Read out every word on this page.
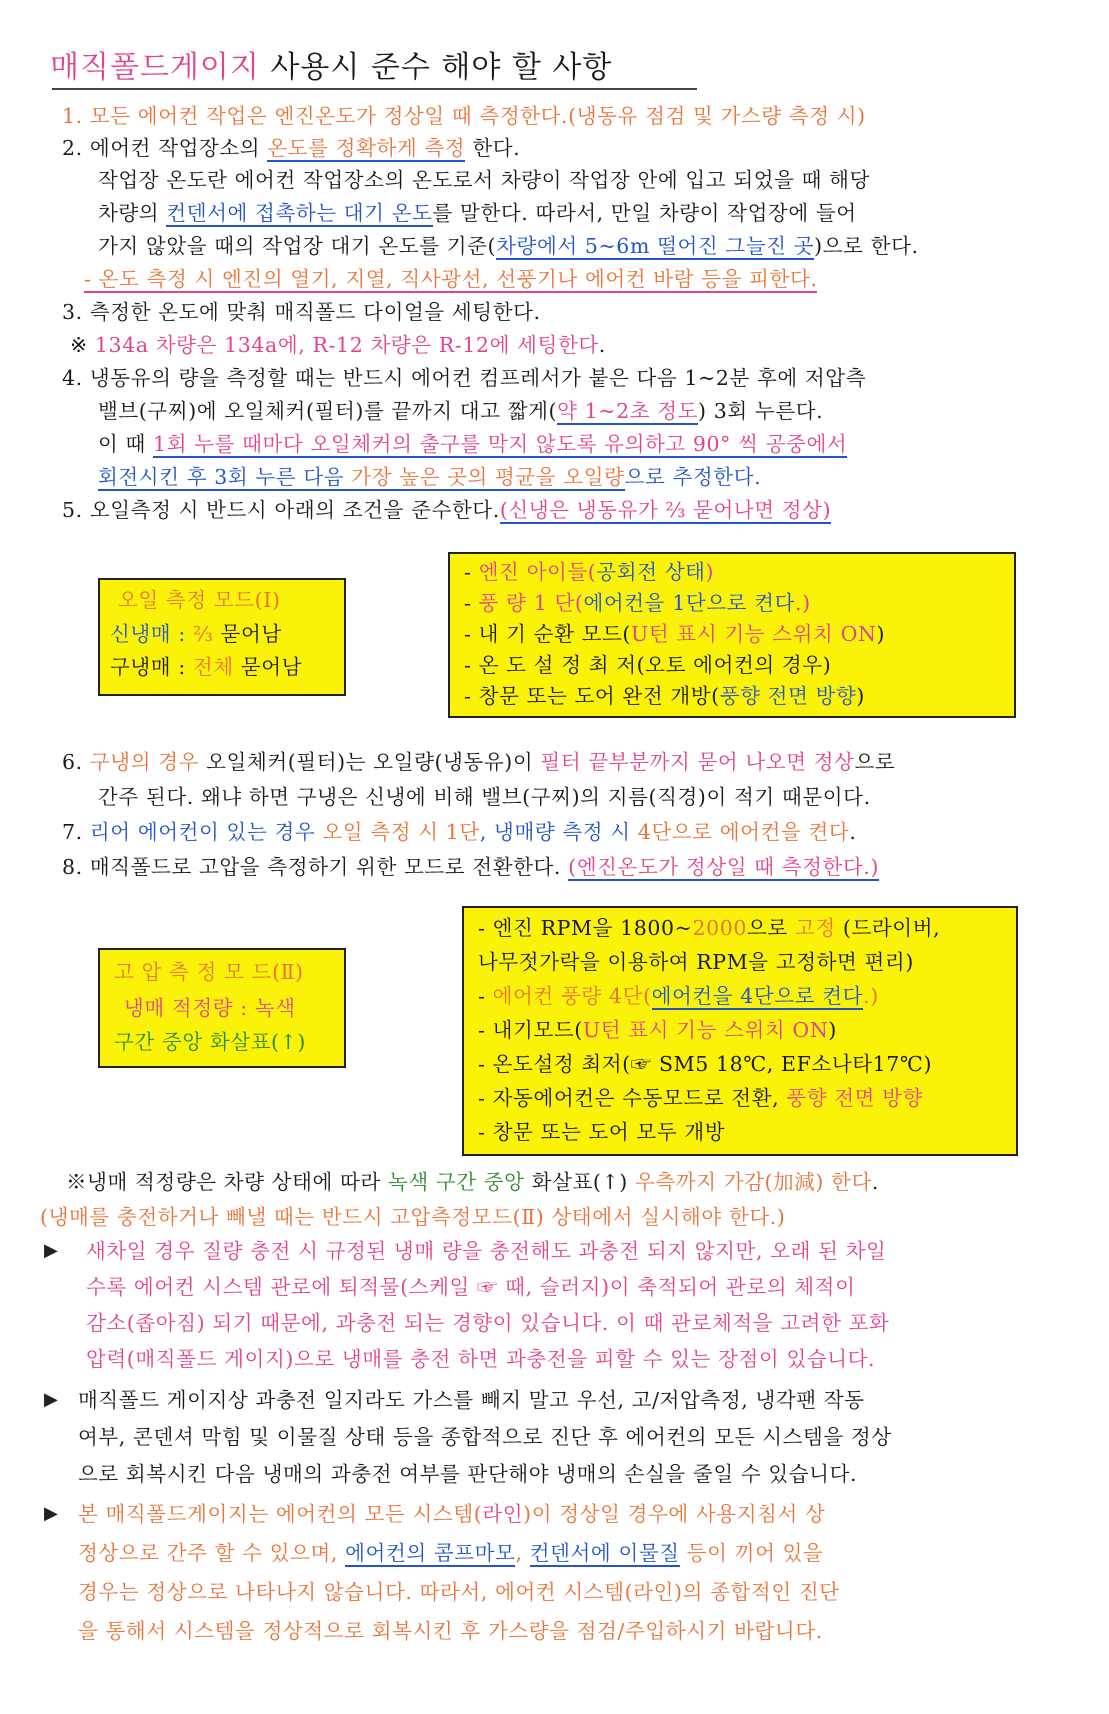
매직폴드게이지 사용시 준수 해야 할 사항
1. 모든 에어컨 작업은 엔진온도가 정상일 때 측정한다.(냉동유 점검 및 가스량 측정 시)
2. 에어컨 작업장소의 온도를 정확하게 측정 한다.
작업장 온도란 에어컨 작업장소의 온도로서 차량이 작업장 안에 입고 되었을 때 해당
차량의 컨덴서에 접촉하는 대기 온도를 말한다. 따라서, 만일 차량이 작업장에 들어
가지 않았을 때의 작업장 대기 온도를 기준(차량에서 5~6m 떨어진 그늘진 곳)으로 한다.
- 온도 측정 시 엔진의 열기, 지열, 직사광선, 선풍기나 에어컨 바람 등을 피한다.
3. 측정한 온도에 맞춰 매직폴드 다이얼을 세팅한다.
※ 134a 차량은 134a에, R-12 차량은 R-12에 세팅한다.
4. 냉동유의 량을 측정할 때는 반드시 에어컨 컴프레서가 붙은 다음 1~2분 후에 저압측
밸브(구찌)에 오일체커(필터)를 끝까지 대고 짧게(약 1~2초 정도) 3회 누른다.
이 때 1회 누를 때마다 오일체커의 출구를 막지 않도록 유의하고 90° 씩 공중에서
회전시킨 후 3회 누른 다음 가장 높은 곳의 평균을 오일량으로 추정한다.
5. 오일측정 시 반드시 아래의 조건을 준수한다.(신냉은 냉동유가 ⅔ 묻어나면 정상)
오일 측정 모드(Ⅰ)
신냉매 : ⅔ 묻어남
구냉매 : 전체 묻어남
- 엔진 아이들(공회전 상태)
- 풍 량 1 단(에어컨을 1단으로 켠다.)
- 내 기 순환 모드(U턴 표시 기능 스위치 ON)
- 온 도 설 정 최 저(오토 에어컨의 경우)
- 창문 또는 도어 완전 개방(풍향 전면 방향)
6. 구냉의 경우 오일체커(필터)는 오일량(냉동유)이 필터 끝부분까지 묻어 나오면 정상으로
간주 된다. 왜냐 하면 구냉은 신냉에 비해 밸브(구찌)의 지름(직경)이 적기 때문이다.
7. 리어 에어컨이 있는 경우 오일 측정 시 1단, 냉매량 측정 시 4단으로 에어컨을 켠다.
8. 매직폴드로 고압을 측정하기 위한 모드로 전환한다. (엔진온도가 정상일 때 측정한다.)
고 압 측 정 모 드(Ⅱ)
냉매 적정량 : 녹색
구간 중앙 화살표(↑)
- 엔진 RPM을 1800~2000으로 고정 (드라이버,
나무젓가락을 이용하여 RPM을 고정하면 편리)
- 에어컨 풍량 4단(에어컨을 4단으로 켠다.)
- 내기모드(U턴 표시 기능 스위치 ON)
- 온도설정 최저(☞ SM5 18℃, EF소나타17℃)
- 자동에어컨은 수동모드로 전환, 풍향 전면 방향
- 창문 또는 도어 모두 개방
※냉매 적정량은 차량 상태에 따라 녹색 구간 중앙 화살표(↑) 우측까지 가감(加減) 한다.
(냉매를 충전하거나 빼낼 때는 반드시 고압측정모드(Ⅱ) 상태에서 실시해야 한다.)
▶ 새차일 경우 질량 충전 시 규정된 냉매 량을 충전해도 과충전 되지 않지만, 오래 된 차일
수록 에어컨 시스템 관로에 퇴적물(스케일 ☞ 때, 슬러지)이 축적되어 관로의 체적이
감소(좁아짐) 되기 때문에, 과충전 되는 경향이 있습니다. 이 때 관로체적을 고려한 포화
압력(매직폴드 게이지)으로 냉매를 충전 하면 과충전을 피할 수 있는 장점이 있습니다.
▶ 매직폴드 게이지상 과충전 일지라도 가스를 빼지 말고 우선, 고/저압측정, 냉각팬 작동
여부, 콘덴셔 막힘 및 이물질 상태 등을 종합적으로 진단 후 에어컨의 모든 시스템을 정상
으로 회복시킨 다음 냉매의 과충전 여부를 판단해야 냉매의 손실을 줄일 수 있습니다.
▶ 본 매직폴드게이지는 에어컨의 모든 시스템(라인)이 정상일 경우에 사용지침서 상
정상으로 간주 할 수 있으며, 에어컨의 콤프마모, 컨덴서에 이물질 등이 끼어 있을
경우는 정상으로 나타나지 않습니다. 따라서, 에어컨 시스템(라인)의 종합적인 진단
을 통해서 시스템을 정상적으로 회복시킨 후 가스량을 점검/주입하시기 바랍니다.
